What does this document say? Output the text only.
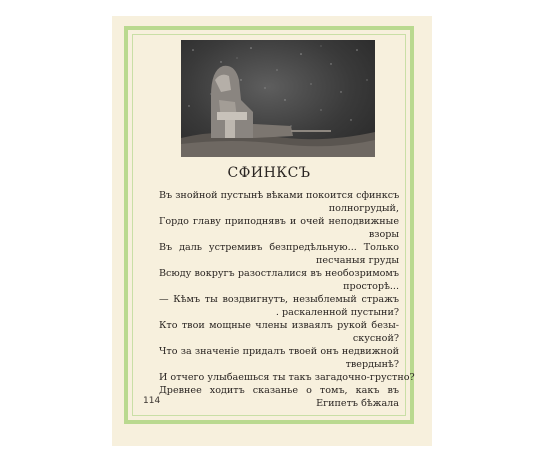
СФИНКСЪ
Въ знойной пустынѣ вѣками покоится сфинксъ
полногрудый,
Гордо главу приподнявъ и очей неподвижные
взоры
Въ даль устремивъ безпредѣльную... Только
песчаныя груды
Всюду вокругъ разостлалися въ необозримомъ
просторѣ...
— Кѣмъ ты воздвигнутъ, незыблемый стражъ
. раскаленной пустыни?
Кто твои мощные члены изваялъ рукой безы-
скусной?
Что за значеніе придалъ твоей онъ недвижной
твердынѣ?
И отчего улыбаешься ты такъ загадочно-грустно?
Древнее ходитъ сказанье о томъ, какъ въ
Египетъ бѣжала
114
